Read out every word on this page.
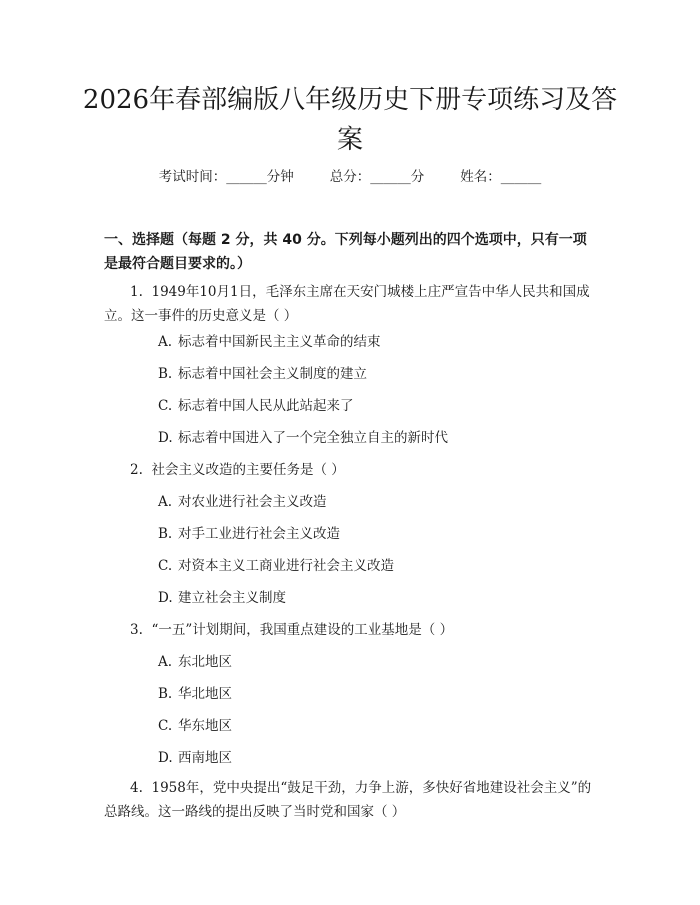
2026年春部编版八年级历史下册专项练习及答案
考试时间：______分钟	总分：______分	姓名：______
一、选择题（每题 2 分，共 40 分。下列每小题列出的四个选项中，只有一项是最符合题目要求的。）

1. 1949年10月1日，毛泽东主席在天安门城楼上庄严宣告中华人民共和国成立。这一事件的历史意义是（ ）

A. 标志着中国新民主主义革命的结束

B. 标志着中国社会主义制度的建立

C. 标志着中国人民从此站起来了

D. 标志着中国进入了一个完全独立自主的新时代

2. 社会主义改造的主要任务是（ ）

A. 对农业进行社会主义改造

B. 对手工业进行社会主义改造

C. 对资本主义工商业进行社会主义改造

D. 建立社会主义制度

3. “一五”计划期间，我国重点建设的工业基地是（ ）

A. 东北地区

B. 华北地区

C. 华东地区

D. 西南地区

4. 1958年，党中央提出“鼓足干劲，力争上游，多快好省地建设社会主义”的总路线。这一路线的提出反映了当时党和国家（ ）
